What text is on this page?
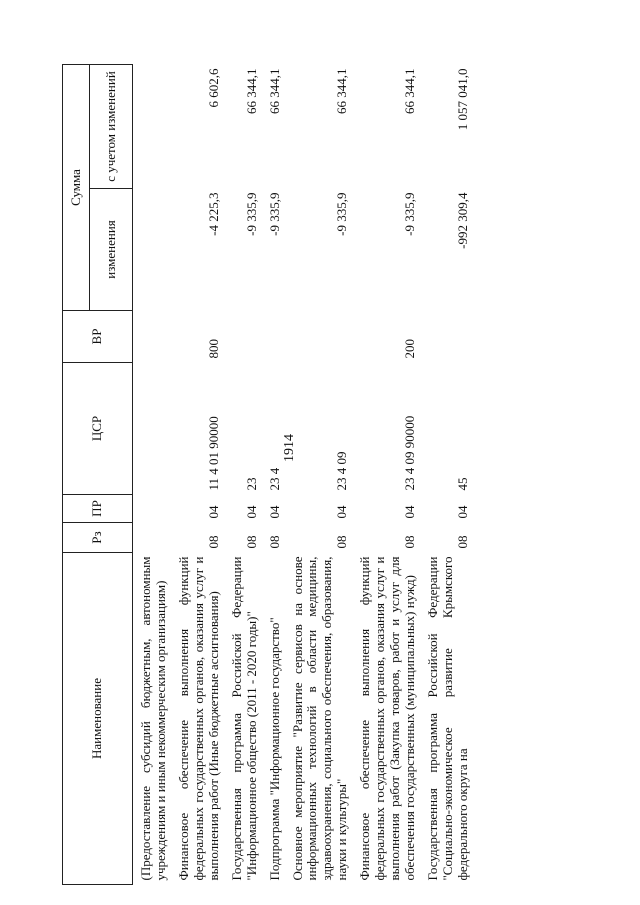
1914
Наименование	Рз	ПР	ЦСР	ВР	Сумма	
					изменения	с учетом изменений
(Предоставление субсидий бюджетным, автономным учреждениям и иным некоммерческим организациям)						
Финансовое обеспечение выполнения функций федеральных государственных органов, оказания услуг и выполнения работ (Иные бюджетные ассигнования)	08	04	11 4 01 90000	800	-4 225,3	6 602,6
Государственная программа Российской Федерации "Информационное общество (2011 - 2020 годы)"	08	04	23		-9 335,9	66 344,1
Подпрограмма "Информационное государство"	08	04	23 4		-9 335,9	66 344,1
Основное мероприятие "Развитие сервисов на основе информационных технологий в области медицины, здравоохранения, социального обеспечения, образования, науки и культуры"	08	04	23 4 09		-9 335,9	66 344,1
Финансовое обеспечение выполнения функций федеральных государственных органов, оказания услуг и выполнения работ (Закупка товаров, работ и услуг для обеспечения государственных (муниципальных) нужд)	08	04	23 4 09 90000	200	-9 335,9	66 344,1
Государственная программа Российской Федерации "Социально-экономическое развитие Крымского федерального округа на	08	04	45		-992 309,4	1 057 041,0
